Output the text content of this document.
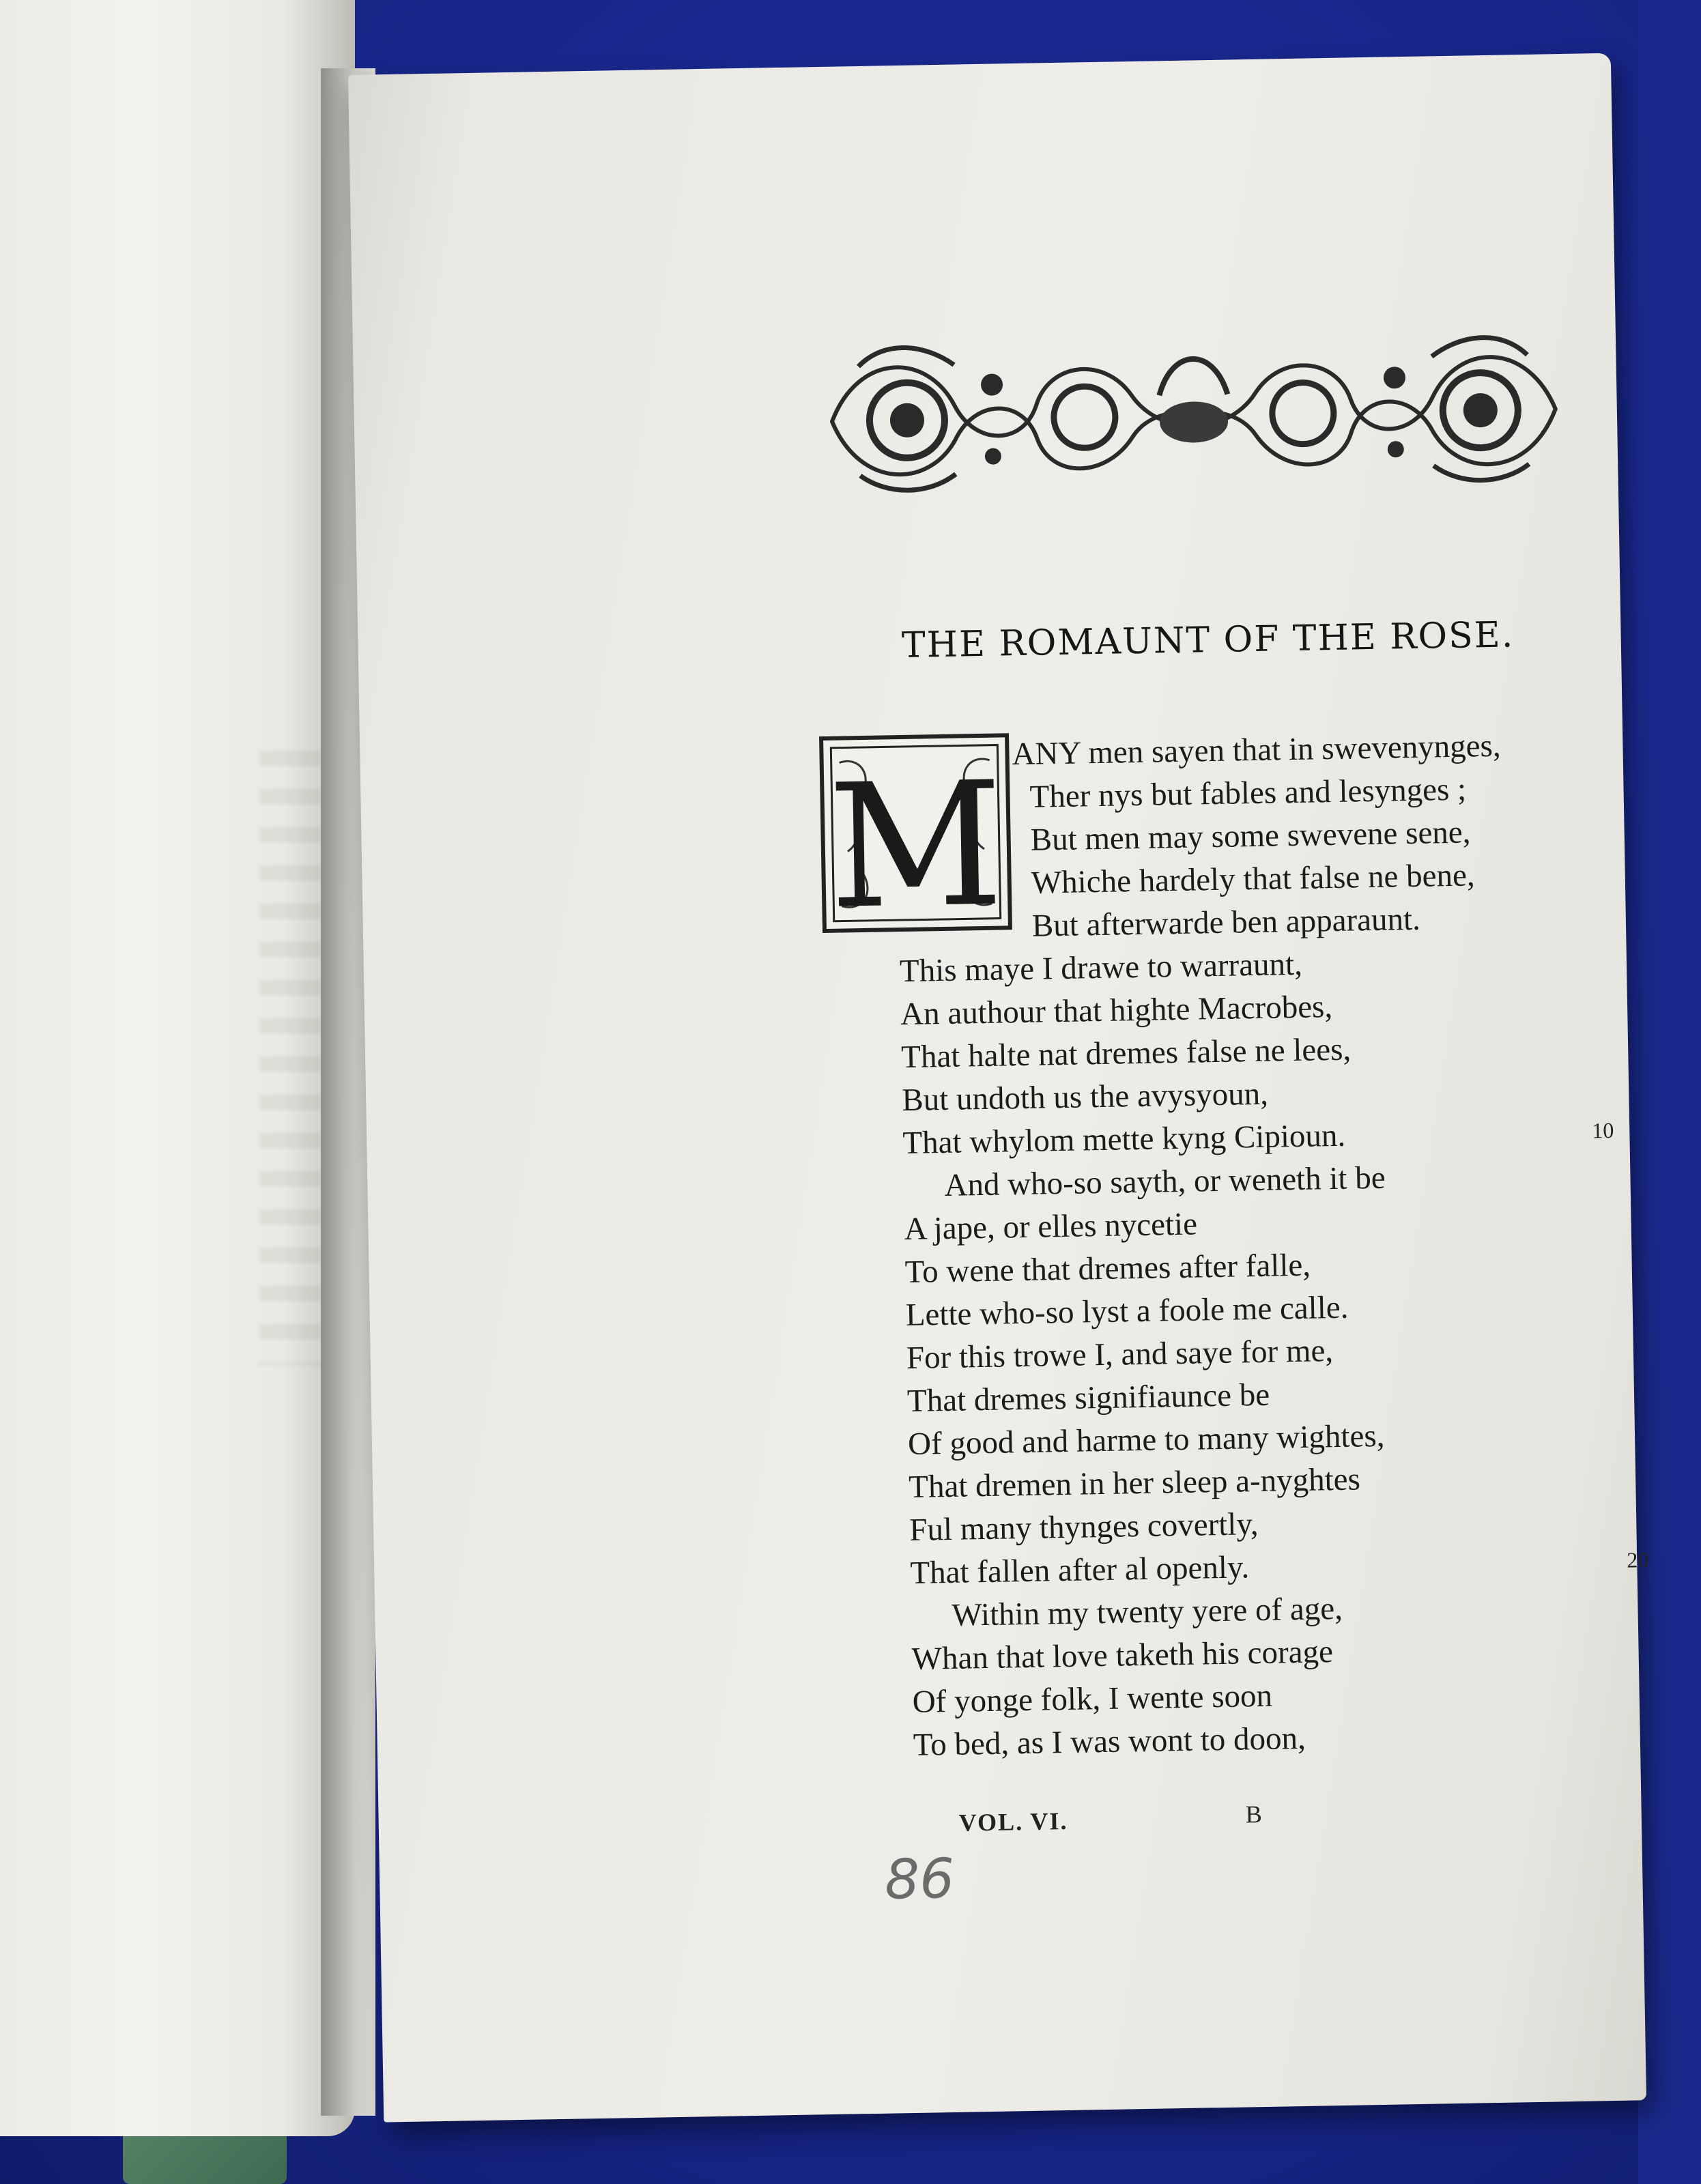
THE ROMAUNT OF THE ROSE.
M ANY men sayen that in swevenynges,
Ther nys but fables and lesynges ;
But men may some swevene sene,
Whiche hardely that false ne bene,
But afterwarde ben apparaunt.
This maye I drawe to warraunt,
An authour that highte Macrobes,
That halte nat dremes false ne lees,
But undoth us the avysyoun,
That whylom mette kyng Cipioun.	10
And who-so sayth, or weneth it be
A jape, or elles nycetie
To wene that dremes after falle,
Lette who-so lyst a foole me calle.
For this trowe I, and saye for me,
That dremes signifiaunce be
Of good and harme to many wightes,
That dremen in her sleep a-nyghtes
Ful many thynges covertly,
That fallen after al openly.	20
Within my twenty yere of age,
Whan that love taketh his corage
Of yonge folk, I wente soon
To bed, as I was wont to doon,
VOL. VI.	B
86
